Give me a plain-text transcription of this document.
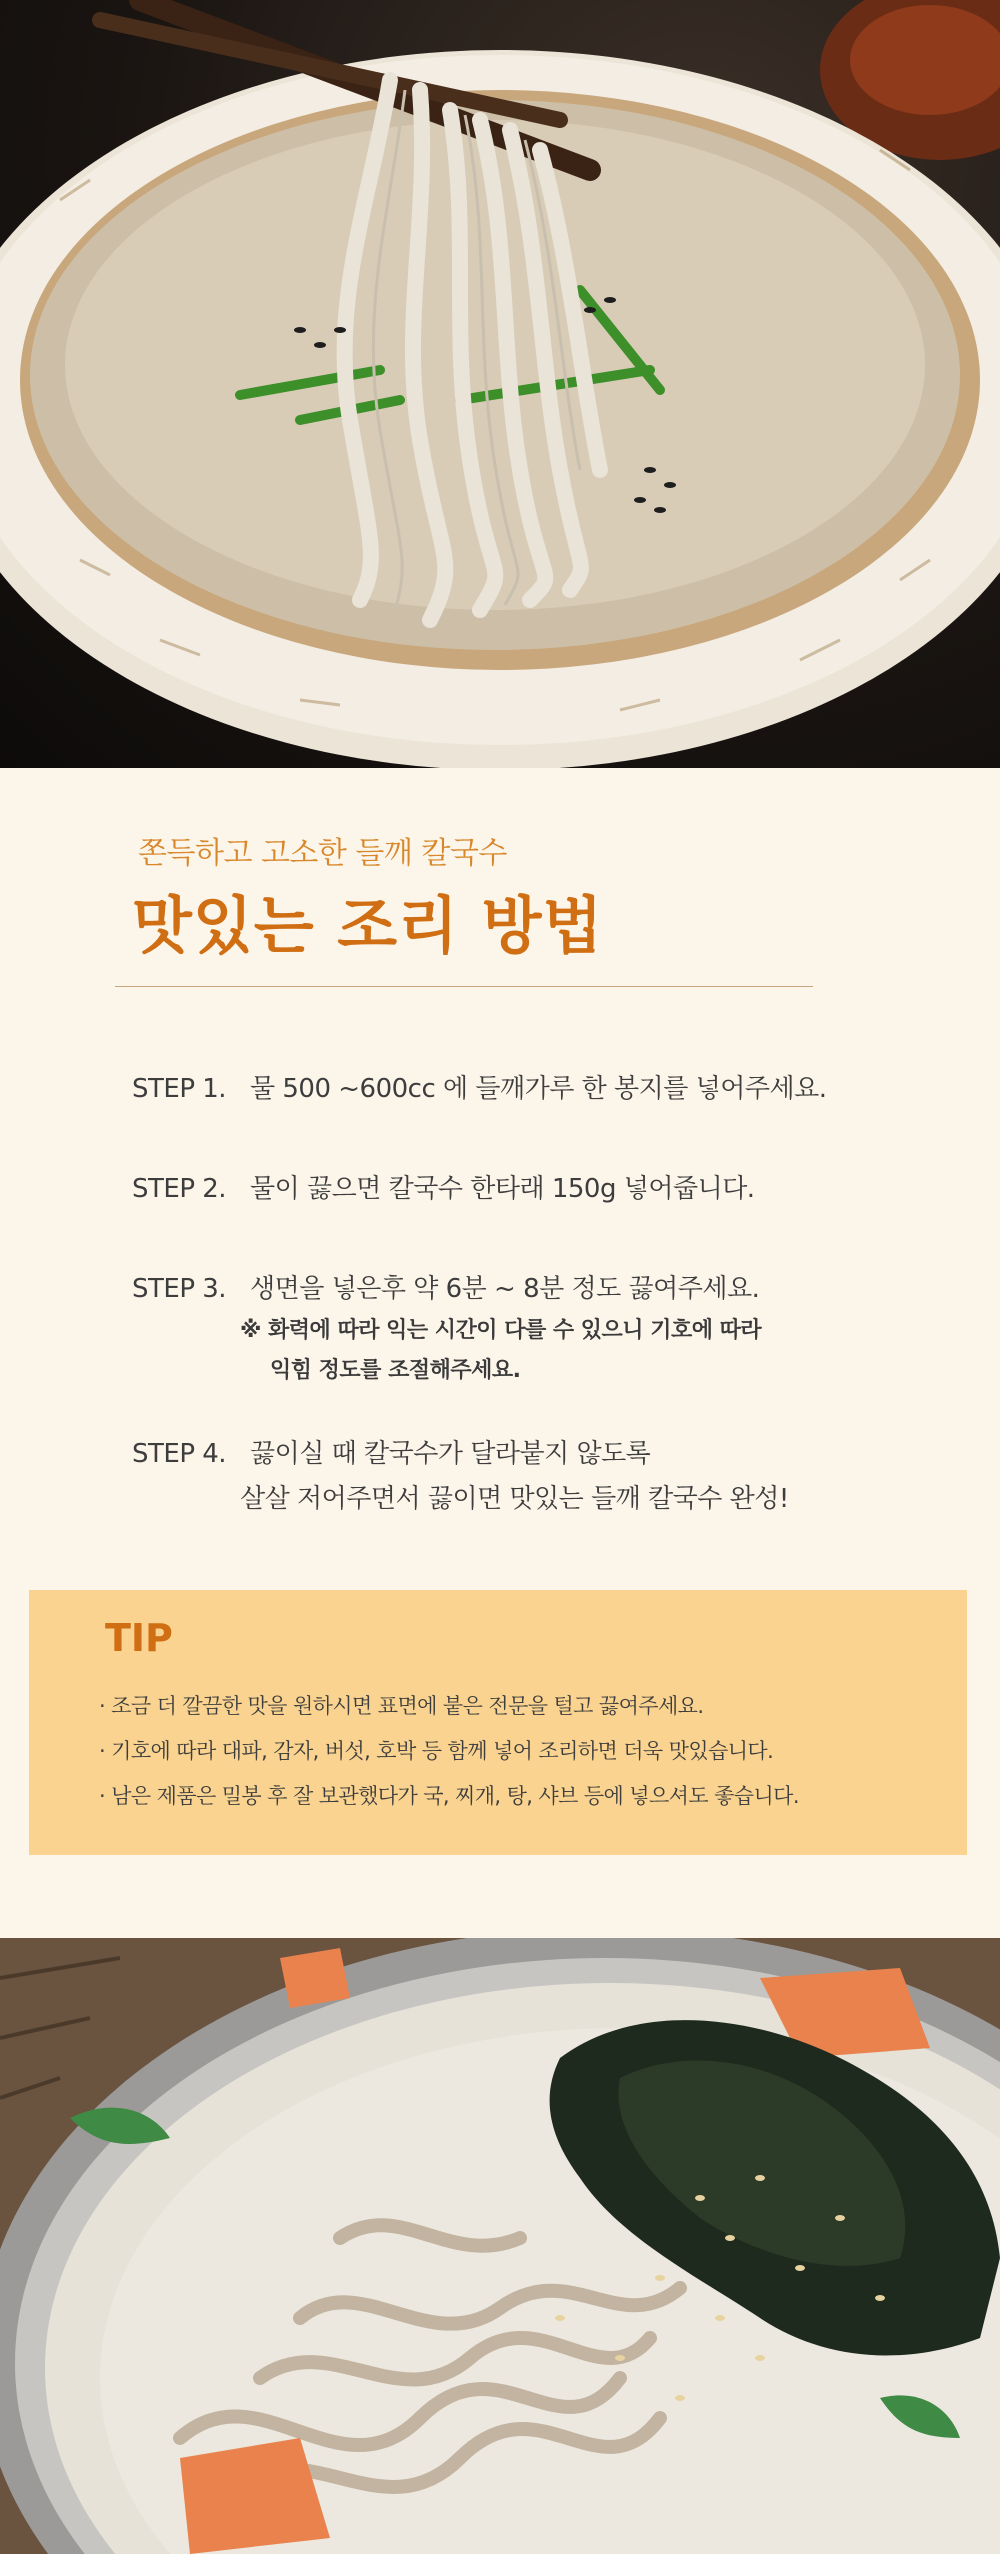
쫀득하고 고소한 들깨 칼국수
맛있는 조리 방법
STEP 1. 물 500 ~600cc 에 들깨가루 한 봉지를 넣어주세요.
STEP 2. 물이 끓으면 칼국수 한타래 150g 넣어줍니다.
STEP 3. 생면을 넣은후 약 6분 ~ 8분 정도 끓여주세요.
※ 화력에 따라 익는 시간이 다를 수 있으니 기호에 따라
익힘 정도를 조절해주세요.
STEP 4. 끓이실 때 칼국수가 달라붙지 않도록
살살 저어주면서 끓이면 맛있는 들깨 칼국수 완성!
TIP
· 조금 더 깔끔한 맛을 원하시면 표면에 붙은 전문을 털고 끓여주세요.
· 기호에 따라 대파, 감자, 버섯, 호박 등 함께 넣어 조리하면 더욱 맛있습니다.
· 남은 제품은 밀봉 후 잘 보관했다가 국, 찌개, 탕, 샤브 등에 넣으셔도 좋습니다.
